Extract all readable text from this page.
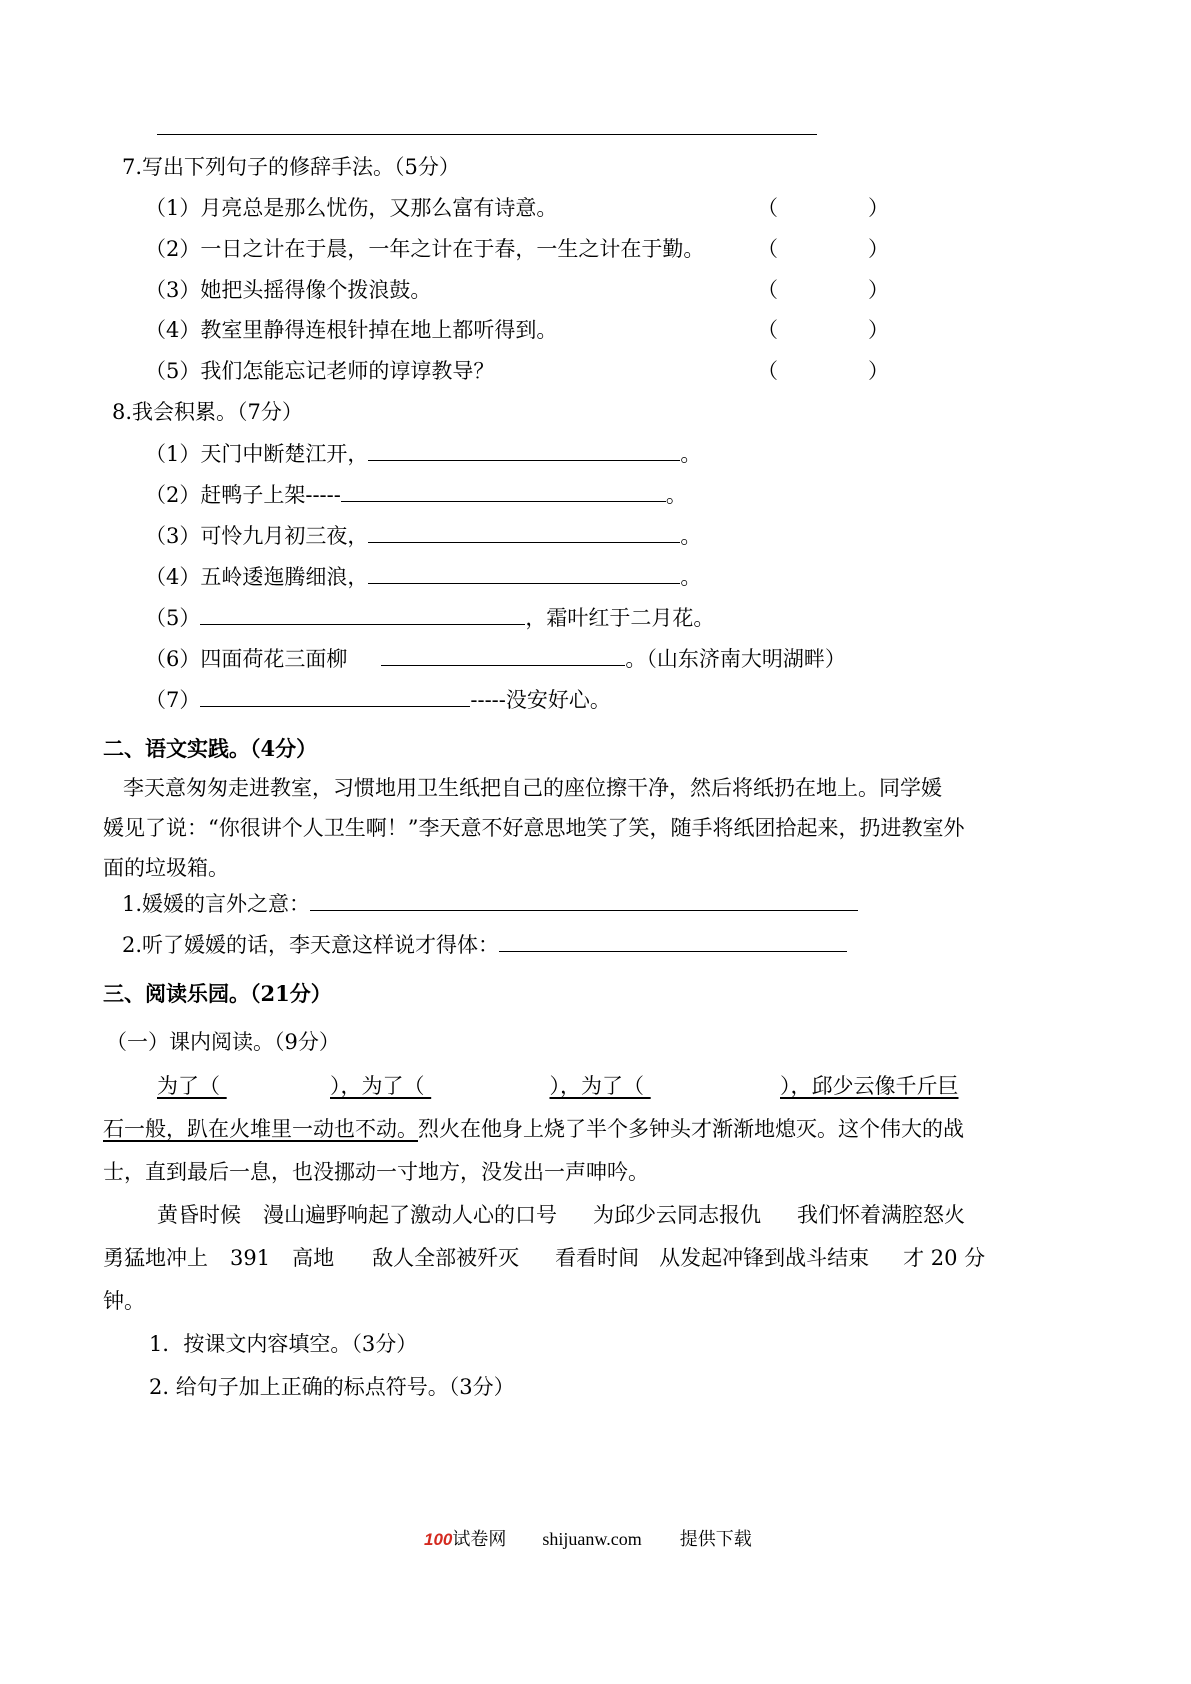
7.写出下列句子的修辞手法。（5分）
（1）月亮总是那么忧伤，又那么富有诗意。	（	）
（2）一日之计在于晨，一年之计在于春，一生之计在于勤。	（	）
（3）她把头摇得像个拨浪鼓。	（	）
（4）教室里静得连根针掉在地上都听得到。	（	）
（5）我们怎能忘记老师的谆谆教导？	（	）
8.我会积累。（7分）
（1）天门中断楚江开，	。
（2）赶鸭子上架-----	。
（3）可怜九月初三夜，	。
（4）五岭逶迤腾细浪，	。
（5）	，霜叶红于二月花。
（6）四面荷花三面柳	。（山东济南大明湖畔）
（7）	-----没安好心。
二、语文实践。（4分）
李天意匆匆走进教室，习惯地用卫生纸把自己的座位擦干净，然后将纸扔在地上。同学媛
媛见了说：“你很讲个人卫生啊！”李天意不好意思地笑了笑，随手将纸团拾起来，扔进教室外
面的垃圾箱。
1.媛媛的言外之意：
2.听了媛媛的话，李天意这样说才得体：
三、阅读乐园。（21分）
（一）课内阅读。（9分）
为了（	），为了（	），为了（	），邱少云像千斤巨
石一般，趴在火堆里一动也不动。烈火在他身上烧了半个多钟头才渐渐地熄灭。这个伟大的战
士，直到最后一息，也没挪动一寸地方，没发出一声呻吟。
黄昏时候 漫山遍野响起了激动人心的口号 为邱少云同志报仇 我们怀着满腔怒火
勇猛地冲上 391 高地 敌人全部被歼灭 看看时间 从发起冲锋到战斗结束 才 20 分
钟。
1．按课文内容填空。（3分）
2. 给句子加上正确的标点符号。（3分）
100试卷网 shijuanw.com 提供下载
